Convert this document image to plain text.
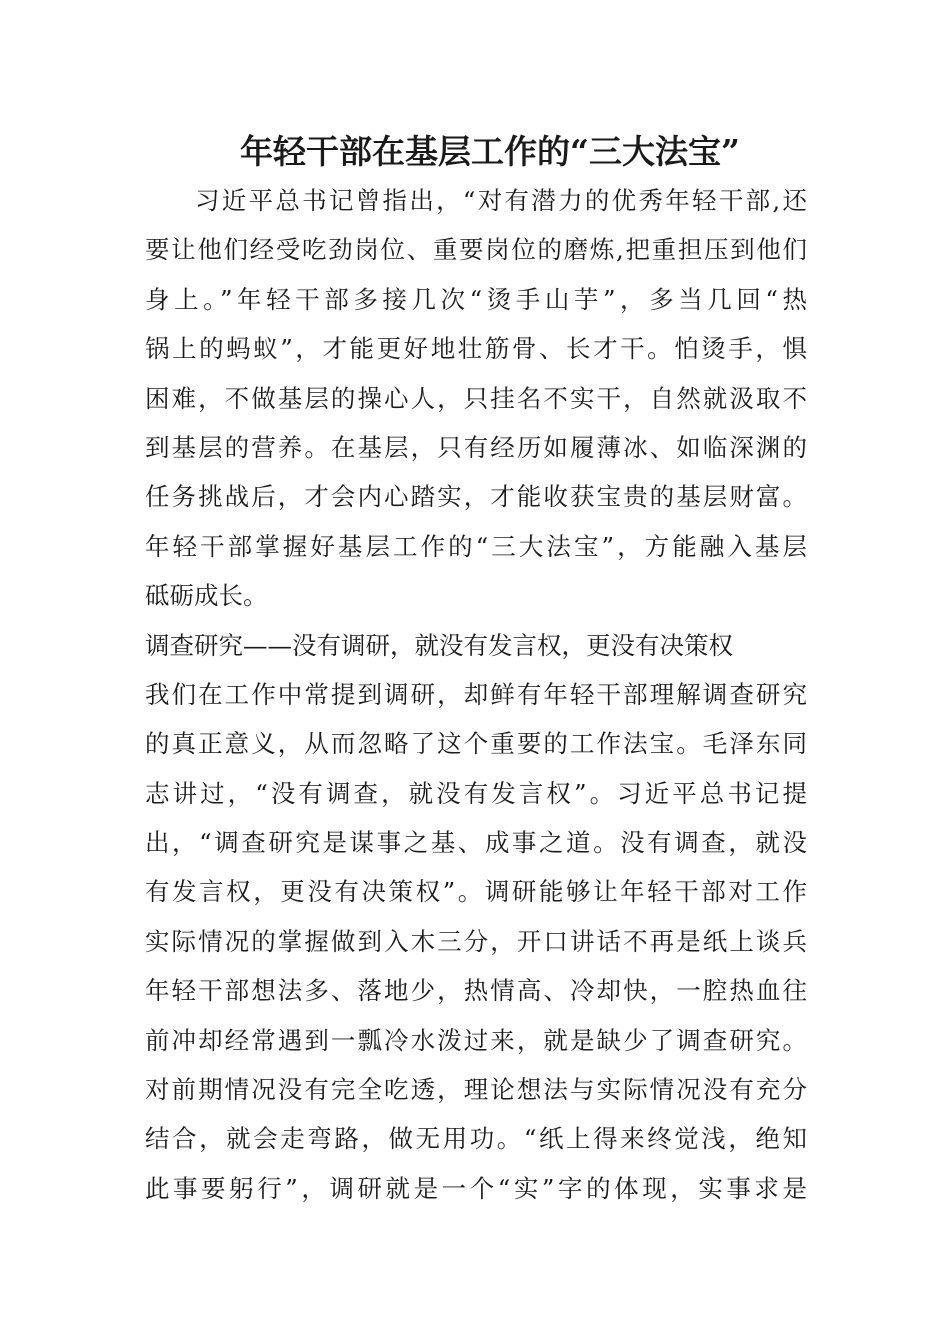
年轻干部在基层工作的“三大法宝”
习近平总书记曾指出，“对有潜力的优秀年轻干部,还
要让他们经受吃劲岗位、重要岗位的磨炼,把重担压到他们
身上。”年轻干部多接几次“烫手山芋”，多当几回“热
锅上的蚂蚁”，才能更好地壮筋骨、长才干。怕烫手，惧
困难，不做基层的操心人，只挂名不实干，自然就汲取不
到基层的营养。在基层，只有经历如履薄冰、如临深渊的
任务挑战后，才会内心踏实，才能收获宝贵的基层财富。
年轻干部掌握好基层工作的“三大法宝”，方能融入基层
砥砺成长。
调查研究——没有调研，就没有发言权，更没有决策权
我们在工作中常提到调研，却鲜有年轻干部理解调查研究
的真正意义，从而忽略了这个重要的工作法宝。毛泽东同
志讲过，“没有调查，就没有发言权”。习近平总书记提
出，“调查研究是谋事之基、成事之道。没有调查，就没
有发言权，更没有决策权”。调研能够让年轻干部对工作
实际情况的掌握做到入木三分，开口讲话不再是纸上谈兵
年轻干部想法多、落地少，热情高、冷却快，一腔热血往
前冲却经常遇到一瓢冷水泼过来，就是缺少了调查研究。
对前期情况没有完全吃透，理论想法与实际情况没有充分
结合，就会走弯路，做无用功。“纸上得来终觉浅，绝知
此事要躬行”，调研就是一个“实”字的体现，实事求是
